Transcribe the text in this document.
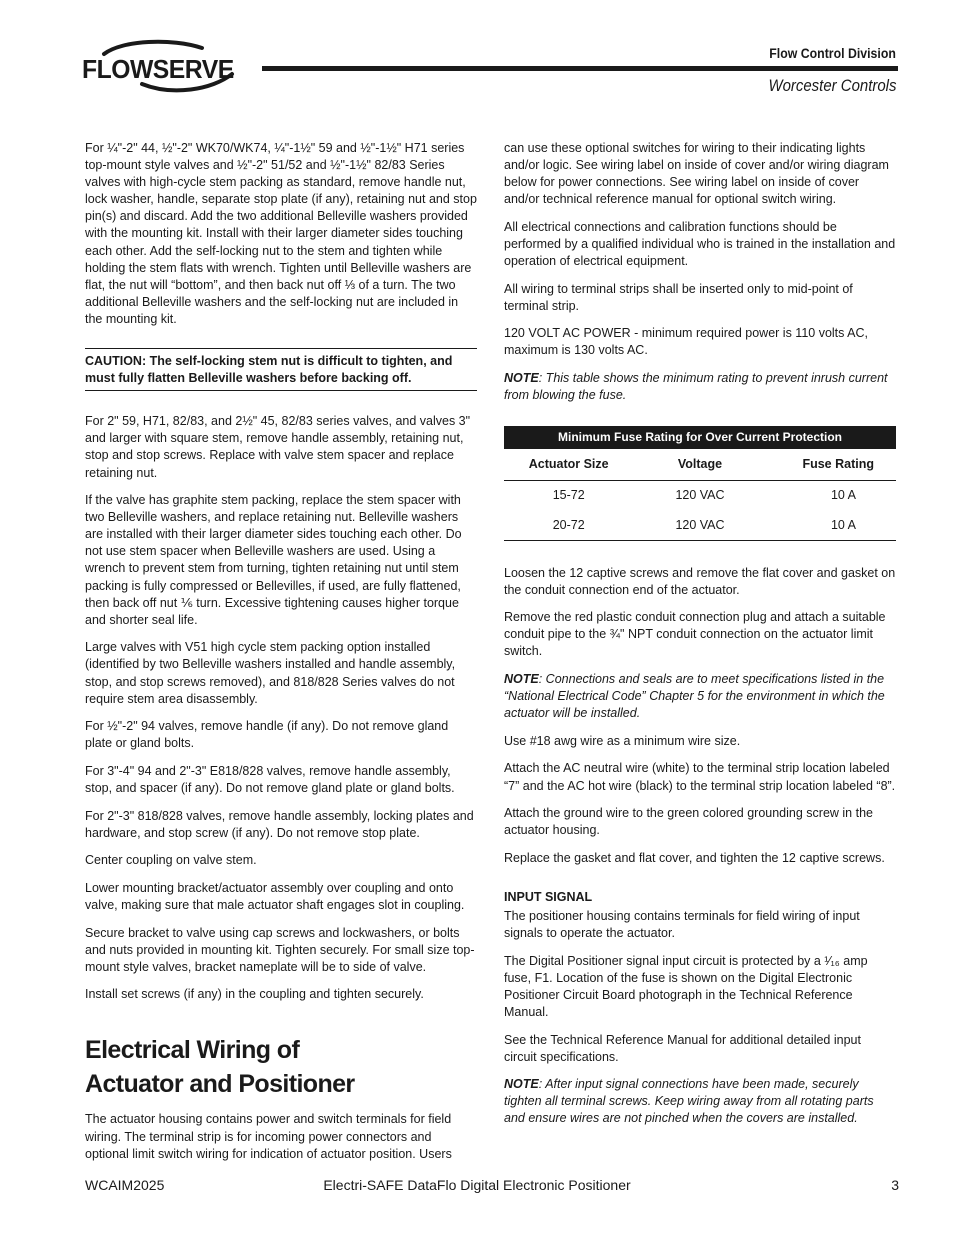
FLOWSERVE
Flow Control Division
Worcester Controls

For ¼"-2" 44, ½"-2" WK70/WK74, ¼"-1½" 59 and ½"-1½" H71 series top-mount style valves and ½"-2" 51/52 and ½"-1½" 82/83 Series valves with high-cycle stem packing as standard, remove handle nut, lock washer, handle, separate stop plate (if any), retaining nut and stop pin(s) and discard. Add the two additional Belleville washers provided with the mounting kit. Install with their larger diameter sides touching each other. Add the self-locking nut to the stem and tighten while holding the stem flats with wrench. Tighten until Belleville washers are flat, the nut will “bottom”, and then back nut off ⅓ of a turn. The two additional Belleville washers and the self-locking nut are included in the mounting kit.

CAUTION: The self-locking stem nut is difficult to tighten, and must fully flatten Belleville washers before backing off.

For 2" 59, H71, 82/83, and 2½" 45, 82/83 series valves, and valves 3" and larger with square stem, remove handle assembly, retaining nut, stop and stop screws. Replace with valve stem spacer and replace retaining nut.

If the valve has graphite stem packing, replace the stem spacer with two Belleville washers, and replace retaining nut. Belleville washers are installed with their larger diameter sides touching each other. Do not use stem spacer when Belleville washers are used. Using a wrench to prevent stem from turning, tighten retaining nut until stem packing is fully compressed or Bellevilles, if used, are fully flattened, then back off nut ⅙ turn. Excessive tightening causes higher torque and shorter seal life.

Large valves with V51 high cycle stem packing option installed (identified by two Belleville washers installed and handle assembly, stop, and stop screws removed), and 818/828 Series valves do not require stem area disassembly.

For ½"-2" 94 valves, remove handle (if any). Do not remove gland plate or gland bolts.

For 3"-4" 94 and 2"-3" E818/828 valves, remove handle assembly, stop, and spacer (if any). Do not remove gland plate or gland bolts.

For 2"-3" 818/828 valves, remove handle assembly, locking plates and hardware, and stop screw (if any). Do not remove stop plate.

Center coupling on valve stem.

Lower mounting bracket/actuator assembly over coupling and onto valve, making sure that male actuator shaft engages slot in coupling.

Secure bracket to valve using cap screws and lockwashers, or bolts and nuts provided in mounting kit. Tighten securely. For small size top-mount style valves, bracket nameplate will be to side of valve.

Install set screws (if any) in the coupling and tighten securely.

Electrical Wiring of
Actuator and Positioner

The actuator housing contains power and switch terminals for field wiring. The terminal strip is for incoming power connectors and optional limit switch wiring for indication of actuator position. Users

can use these optional switches for wiring to their indicating lights and/or logic. See wiring label on inside of cover and/or wiring diagram below for power connections. See wiring label on inside of cover and/or technical reference manual for optional switch wiring.

All electrical connections and calibration functions should be performed by a qualified individual who is trained in the installation and operation of electrical equipment.

All wiring to terminal strips shall be inserted only to mid-point of terminal strip.

120 VOLT AC POWER - minimum required power is 110 volts AC, maximum is 130 volts AC.

NOTE: This table shows the minimum rating to prevent inrush current from blowing the fuse.

Minimum Fuse Rating for Over Current Protection		
Actuator Size	Voltage	Fuse Rating
15-72	120 VAC	10 A
20-72	120 VAC	10 A

Loosen the 12 captive screws and remove the flat cover and gasket on the conduit connection end of the actuator.

Remove the red plastic conduit connection plug and attach a suitable conduit pipe to the ¾" NPT conduit connection on the actuator limit switch.

NOTE: Connections and seals are to meet specifications listed in the “National Electrical Code” Chapter 5 for the environment in which the actuator will be installed.

Use #18 awg wire as a minimum wire size.

Attach the AC neutral wire (white) to the terminal strip location labeled “7” and the AC hot wire (black) to the terminal strip location labeled “8”.

Attach the ground wire to the green colored grounding screw in the actuator housing.

Replace the gasket and flat cover, and tighten the 12 captive screws.

INPUT SIGNAL

The positioner housing contains terminals for field wiring of input signals to operate the actuator.

The Digital Positioner signal input circuit is protected by a ¹⁄₁₆ amp fuse, F1. Location of the fuse is shown on the Digital Electronic Positioner Circuit Board photograph in the Technical Reference Manual.

See the Technical Reference Manual for additional detailed input circuit specifications.

NOTE: After input signal connections have been made, securely tighten all terminal screws. Keep wiring away from all rotating parts and ensure wires are not pinched when the covers are installed.

Electri-SAFE DataFlo Digital Electronic Positioner
WCAIM2025	3
